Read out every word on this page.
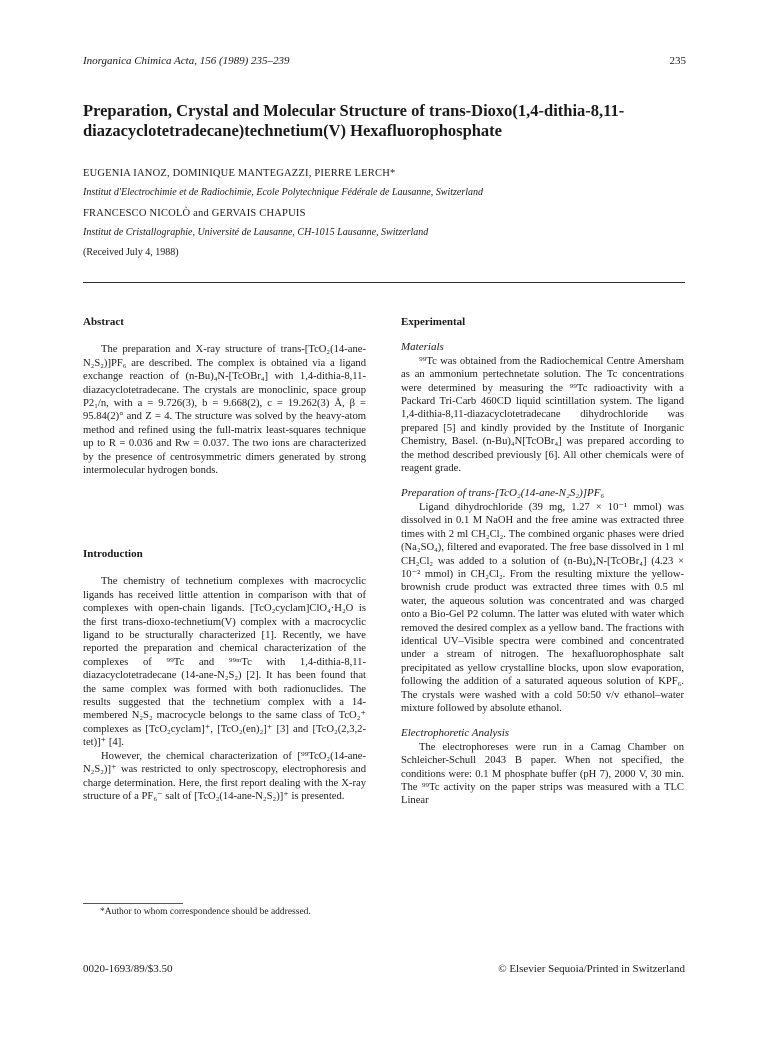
Inorganica Chimica Acta, 156 (1989) 235–239	235
Preparation, Crystal and Molecular Structure of trans-Dioxo(1,4-dithia-8,11-diazacyclotetradecane)technetium(V) Hexafluorophosphate
EUGENIA IANOZ, DOMINIQUE MANTEGAZZI, PIERRE LERCH*
Institut d'Electrochimie et de Radiochimie, Ecole Polytechnique Fédérale de Lausanne, Switzerland
FRANCESCO NICOLÒ and GERVAIS CHAPUIS
Institut de Cristallographie, Université de Lausanne, CH-1015 Lausanne, Switzerland
(Received July 4, 1988)

Abstract

The preparation and X-ray structure of trans-[TcO₂(14-ane-N₂S₂)]PF₆ are described. The complex is obtained via a ligand exchange reaction of (n-Bu)₄N-[TcOBr₄] with 1,4-dithia-8,11-diazacyclotetradecane. The crystals are monoclinic, space group P2₁/n, with a = 9.726(3), b = 9.668(2), c = 19.262(3) Å, β = 95.84(2)° and Z = 4. The structure was solved by the heavy-atom method and refined using the full-matrix least-squares technique up to R = 0.036 and Rw = 0.037. The two ions are characterized by the presence of centrosymmetric dimers generated by strong intermolecular hydrogen bonds.

Introduction

The chemistry of technetium complexes with macrocyclic ligands has received little attention in comparison with that of complexes with open-chain ligands. [TcO₂cyclam]ClO₄·H₂O is the first trans-dioxo-technetium(V) complex with a macrocyclic ligand to be structurally characterized [1]. Recently, we have reported the preparation and chemical characterization of the complexes of ⁹⁹Tc and ⁹⁹ᵐTc with 1,4-dithia-8,11-diazacyclotetradecane (14-ane-N₂S₂) [2]. It has been found that the same complex was formed with both radionuclides. The results suggested that the technetium complex with a 14-membered N₂S₂ macrocycle belongs to the same class of TcO₂⁺ complexes as [TcO₂cyclam]⁺, [TcO₂(en)₂]⁺ [3] and [TcO₂(2,3,2-tet)]⁺ [4].

However, the chemical characterization of [⁹⁹TcO₂(14-ane-N₂S₂)]⁺ was restricted to only spectroscopy, electrophoresis and charge determination. Here, the first report dealing with the X-ray structure of a PF₆⁻ salt of [TcO₂(14-ane-N₂S₂)]⁺ is presented.

*Author to whom correspondence should be addressed.

Experimental

Materials

⁹⁹Tc was obtained from the Radiochemical Centre Amersham as an ammonium pertechnetate solution. The Tc concentrations were determined by measuring the ⁹⁹Tc radioactivity with a Packard Tri-Carb 460CD liquid scintillation system. The ligand 1,4-dithia-8,11-diazacyclotetradecane dihydrochloride was prepared [5] and kindly provided by the Institute of Inorganic Chemistry, Basel. (n-Bu)₄N[TcOBr₄] was prepared according to the method described previously [6]. All other chemicals were of reagent grade.

Preparation of trans-[TcO₂(14-ane-N₂S₂)]PF₆

Ligand dihydrochloride (39 mg, 1.27 × 10⁻¹ mmol) was dissolved in 0.1 M NaOH and the free amine was extracted three times with 2 ml CH₂Cl₂. The combined organic phases were dried (Na₂SO₄), filtered and evaporated. The free base dissolved in 1 ml CH₂Cl₂ was added to a solution of (n-Bu)₄N-[TcOBr₄] (4.23 × 10⁻² mmol) in CH₂Cl₂. From the resulting mixture the yellow-brownish crude product was extracted three times with 0.5 ml water, the aqueous solution was concentrated and was charged onto a Bio-Gel P2 column. The latter was eluted with water which removed the desired complex as a yellow band. The fractions with identical UV–Visible spectra were combined and concentrated under a stream of nitrogen. The hexafluorophosphate salt precipitated as yellow crystalline blocks, upon slow evaporation, following the addition of a saturated aqueous solution of KPF₆. The crystals were washed with a cold 50:50 v/v ethanol–water mixture followed by absolute ethanol.

Electrophoretic Analysis

The electrophoreses were run in a Camag Chamber on Schleicher-Schull 2043 B paper. When not specified, the conditions were: 0.1 M phosphate buffer (pH 7), 2000 V, 30 min. The ⁹⁹Tc activity on the paper strips was measured with a TLC Linear

0020-1693/89/$3.50	© Elsevier Sequoia/Printed in Switzerland
